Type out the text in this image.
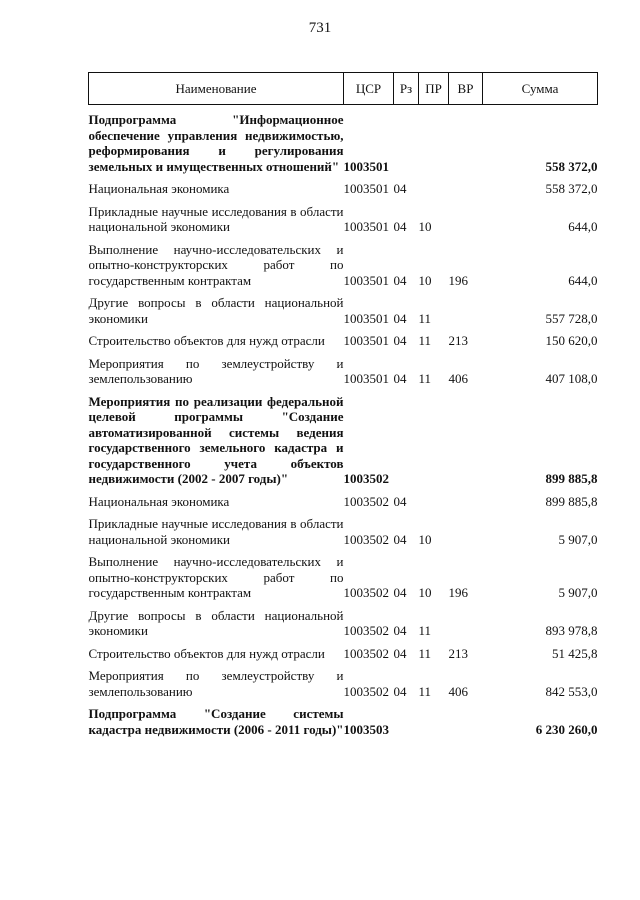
731
Наименование	ЦСР	Рз	ПР	ВР	Сумма

Подпрограмма "Информационное обеспечение управления недвижимостью, реформирования и регулирования земельных и имущественных отношений"	1003501				558 372,0

Национальная экономика	1003501	04			558 372,0

Прикладные научные исследования в области национальной экономики	1003501	04	10		644,0

Выполнение научно-исследовательских и опытно-конструкторских работ по государственным контрактам	1003501	04	10	196	644,0

Другие вопросы в области национальной экономики	1003501	04	11		557 728,0

Строительство объектов для нужд отрасли	1003501	04	11	213	150 620,0

Мероприятия по землеустройству и землепользованию	1003501	04	11	406	407 108,0

Мероприятия по реализации федеральной целевой программы "Создание автоматизированной системы ведения государственного земельного кадастра и государственного учета объектов недвижимости (2002 - 2007 годы)"	1003502				899 885,8

Национальная экономика	1003502	04			899 885,8

Прикладные научные исследования в области национальной экономики	1003502	04	10		5 907,0

Выполнение научно-исследовательских и опытно-конструкторских работ по государственным контрактам	1003502	04	10	196	5 907,0

Другие вопросы в области национальной экономики	1003502	04	11		893 978,8

Строительство объектов для нужд отрасли	1003502	04	11	213	51 425,8

Мероприятия по землеустройству и землепользованию	1003502	04	11	406	842 553,0

Подпрограмма "Создание системы кадастра недвижимости (2006 - 2011 годы)"	1003503				6 230 260,0
